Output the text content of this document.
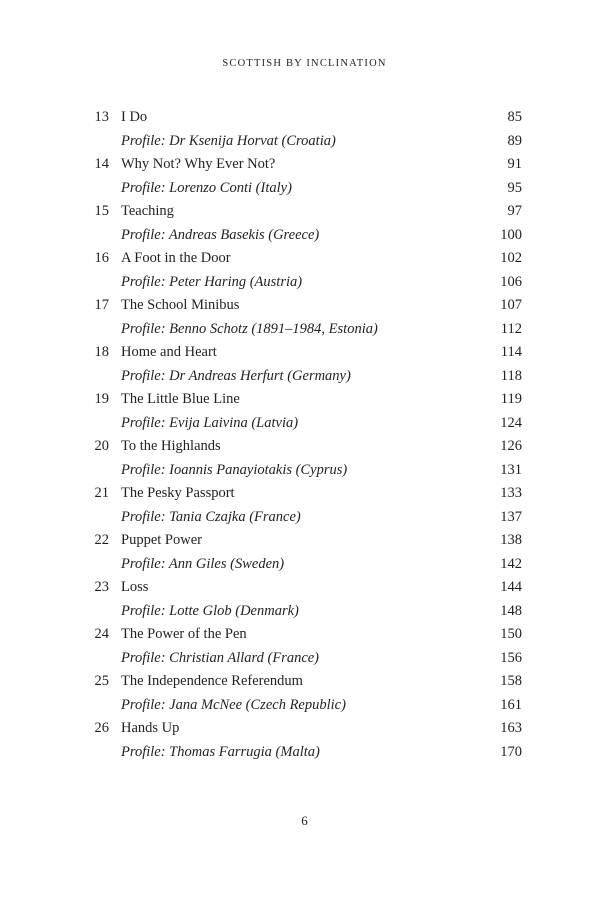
SCOTTISH BY INCLINATION
13 I Do	85
Profile: Dr Ksenija Horvat (Croatia)	89
14 Why Not? Why Ever Not?	91
Profile: Lorenzo Conti (Italy)	95
15 Teaching	97
Profile: Andreas Basekis (Greece)	100
16 A Foot in the Door	102
Profile: Peter Haring (Austria)	106
17 The School Minibus	107
Profile: Benno Schotz (1891–1984, Estonia)	112
18 Home and Heart	114
Profile: Dr Andreas Herfurt (Germany)	118
19 The Little Blue Line	119
Profile: Evija Laivina (Latvia)	124
20 To the Highlands	126
Profile: Ioannis Panayiotakis (Cyprus)	131
21 The Pesky Passport	133
Profile: Tania Czajka (France)	137
22 Puppet Power	138
Profile: Ann Giles (Sweden)	142
23 Loss	144
Profile: Lotte Glob (Denmark)	148
24 The Power of the Pen	150
Profile: Christian Allard (France)	156
25 The Independence Referendum	158
Profile: Jana McNee (Czech Republic)	161
26 Hands Up	163
Profile: Thomas Farrugia (Malta)	170
6
